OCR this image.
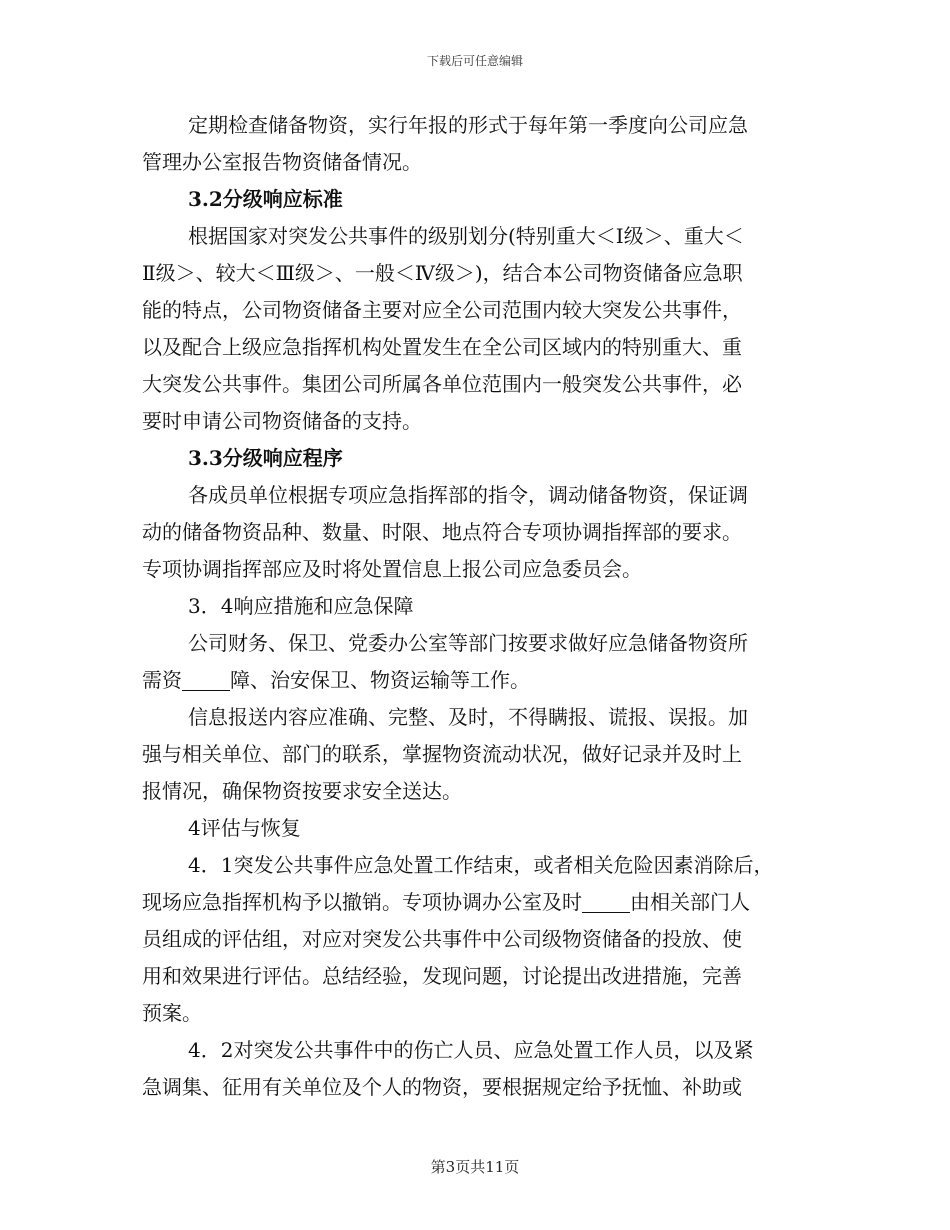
下载后可任意编辑
定期检查储备物资，实行年报的形式于每年第一季度向公司应急
管理办公室报告物资储备情况。
3.2分级响应标准
根据国家对突发公共事件的级别划分(特别重大＜Ⅰ级＞、重大＜
Ⅱ级＞、较大＜Ⅲ级＞、一般＜Ⅳ级＞)，结合本公司物资储备应急职
能的特点，公司物资储备主要对应全公司范围内较大突发公共事件，
以及配合上级应急指挥机构处置发生在全公司区域内的特别重大、重
大突发公共事件。集团公司所属各单位范围内一般突发公共事件，必
要时申请公司物资储备的支持。
3.3分级响应程序
各成员单位根据专项应急指挥部的指令，调动储备物资，保证调
动的储备物资品种、数量、时限、地点符合专项协调指挥部的要求。
专项协调指挥部应及时将处置信息上报公司应急委员会。
3．4响应措施和应急保障
公司财务、保卫、党委办公室等部门按要求做好应急储备物资所
需资 障、治安保卫、物资运输等工作。
信息报送内容应准确、完整、及时，不得瞒报、谎报、误报。加
强与相关单位、部门的联系，掌握物资流动状况，做好记录并及时上
报情况，确保物资按要求安全送达。
4评估与恢复
4．1突发公共事件应急处置工作结束，或者相关危险因素消除后，
现场应急指挥机构予以撤销。专项协调办公室及时 由相关部门人
员组成的评估组，对应对突发公共事件中公司级物资储备的投放、使
用和效果进行评估。总结经验，发现问题，讨论提出改进措施，完善
预案。
4．2对突发公共事件中的伤亡人员、应急处置工作人员，以及紧
急调集、征用有关单位及个人的物资，要根据规定给予抚恤、补助或
第3页共11页
